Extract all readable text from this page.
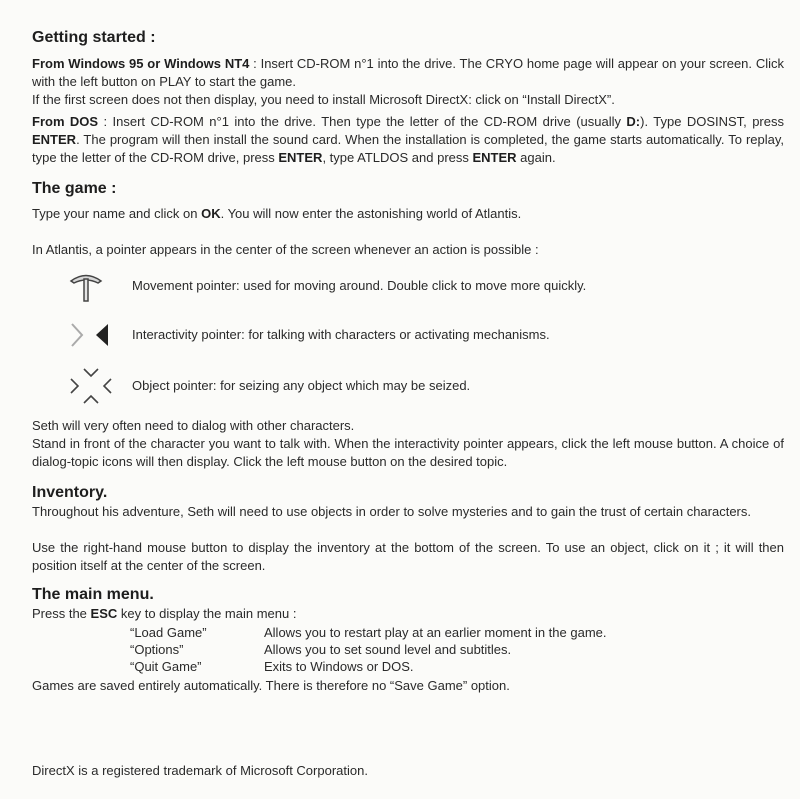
Getting started :

From Windows 95 or Windows NT4 : Insert CD-ROM n°1 into the drive. The CRYO home page will appear on your screen. Click with the left button on PLAY to start the game.

If the first screen does not then display, you need to install Microsoft DirectX: click on “Install DirectX”.

From DOS : Insert CD-ROM n°1 into the drive. Then type the letter of the CD-ROM drive (usually D:). Type DOSINST, press ENTER. The program will then install the sound card. When the installation is completed, the game starts automatically. To replay, type the letter of the CD-ROM drive, press ENTER, type ATLDOS and press ENTER again.

The game :

Type your name and click on OK. You will now enter the astonishing world of Atlantis.

In Atlantis, a pointer appears in the center of the screen whenever an action is possible :

Movement pointer: used for moving around. Double click to move more quickly.
Interactivity pointer: for talking with characters or activating mechanisms.
Object pointer: for seizing any object which may be seized.

Seth will very often need to dialog with other characters.

Stand in front of the character you want to talk with. When the interactivity pointer appears, click the left mouse button. A choice of dialog-topic icons will then display. Click the left mouse button on the desired topic.

Inventory.

Throughout his adventure, Seth will need to use objects in order to solve mysteries and to gain the trust of certain characters.

Use the right-hand mouse button to display the inventory at the bottom of the screen. To use an object, click on it ; it will then position itself at the center of the screen.

The main menu.

Press the ESC key to display the main menu :

“Load Game”	Allows you to restart play at an earlier moment in the game.
“Options”	Allows you to set sound level and subtitles.
“Quit Game”	Exits to Windows or DOS.

Games are saved entirely automatically. There is therefore no “Save Game” option.

DirectX is a registered trademark of Microsoft Corporation.
